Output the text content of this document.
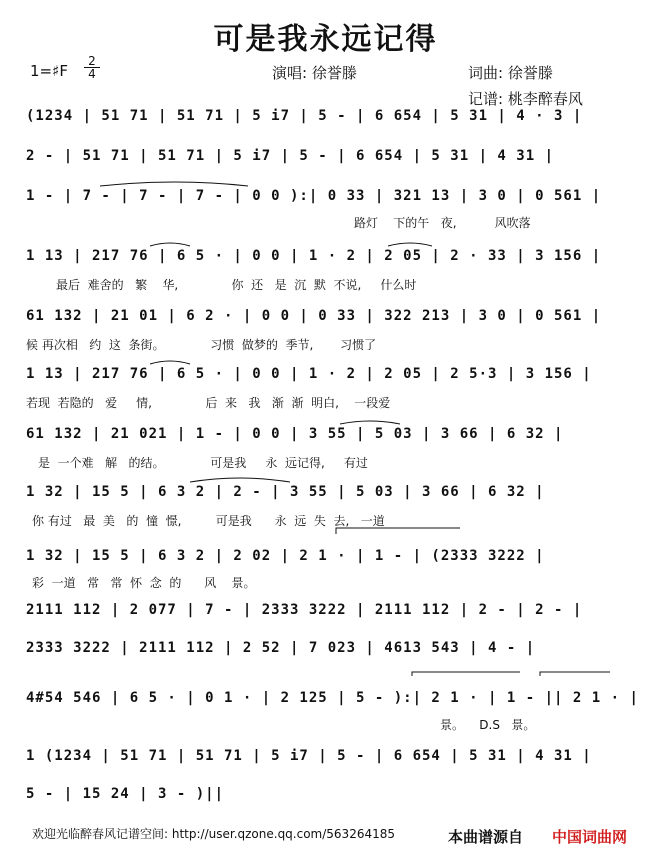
可是我永远记得
1=♯F
2
4	演唱: 徐誉滕	词曲: 徐誉滕
记谱: 桃李醉春风
(1234 | 51 71 | 51 71 | 5 i7 | 5 - | 6 654 | 5 31 | 4 · 3 |
2 - | 51 71 | 51 71 | 5 i7 | 5 - | 6 654 | 5 31 | 4 31 |
1 - | 7 - | 7 - | 7 - | 0 0 ):| 0 33 | 321 13 | 3 0 | 0 561 |
路灯    下的午   夜,          风吹落
1 13 | 217 76 | 6 5 · | 0 0 | 1 · 2 | 2 05 | 2 · 33 | 3 156 |
最后  难舍的   繁    华,              你  还   是  沉  默  不说,     什么时
61 132 | 21 01 | 6 2 · | 0 0 | 0 33 | 322 213 | 3 0 | 0 561 |
候 再次相   约  这  条街。            习惯  做梦的  季节,       习惯了
1 13 | 217 76 | 6 5 · | 0 0 | 1 · 2 | 2 05 | 2 5·3 | 3 156 |
若现  若隐的   爱     情,              后  来   我   渐  渐  明白,    一段爱
61 132 | 21 021 | 1 - | 0 0 | 3 55 | 5 03 | 3 66 | 6 32 |
是  一个难   解   的结。            可是我     永  远记得,     有过
1 32 | 15 5 | 6 3 2 | 2 - | 3 55 | 5 03 | 3 66 | 6 32 |
你 有过   最  美   的  憧  憬,         可是我      永  远  失  去,   一道
1 32 | 15 5 | 6 3 2 | 2 02 | 2 1 · | 1 - | (2333 3222 |
彩  一道   常   常  怀  念  的      风    景。
2111 112 | 2 077 | 7 - | 2333 3222 | 2111 112 | 2 - | 2 - |
2333 3222 | 2111 112 | 2 52 | 7 023 | 4613 543 | 4 - |
4#54 546 | 6 5 · | 0 1 · | 2 125 | 5 - ):| 2 1 · | 1 - || 2 1 · |
景。    D.S   景。
1 (1234 | 51 71 | 51 71 | 5 i7 | 5 - | 6 654 | 5 31 | 4 31 |
5 - | 15 24 | 3 - )||
欢迎光临醉春风记谱空间: http://user.qzone.qq.com/563264185	本曲谱源自 中国词曲网
